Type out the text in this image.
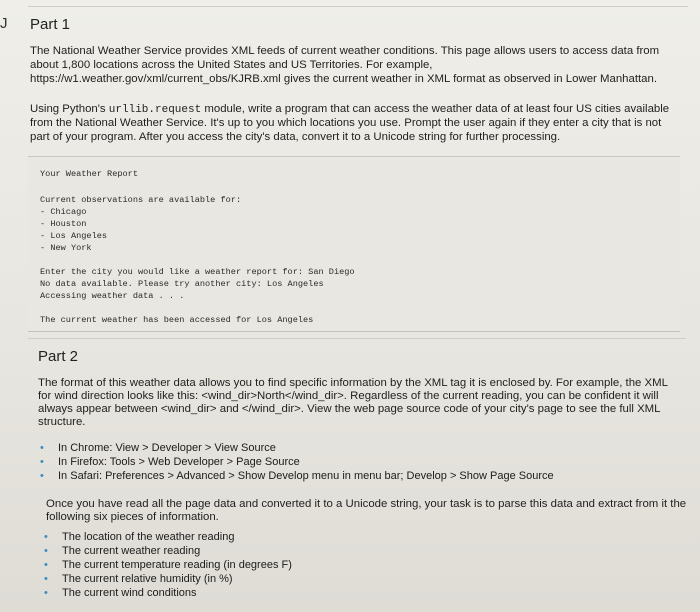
J Part 1

The National Weather Service provides XML feeds of current weather conditions. This page allows users to access data from

about 1,800 locations across the United States and US Territories. For example,

https://w1.weather.gov/xml/current_obs/KJRB.xml gives the current weather in XML format as observed in Lower Manhattan.

Using Python's urllib.request module, write a program that can access the weather data of at least four US cities available

from the National Weather Service. It's up to you which locations you use. Prompt the user again if they enter a city that is not

part of your program. After you access the city's data, convert it to a Unicode string for further processing.

Your Weather Report
Current observations are available for:
- Chicago
- Houston
- Los Angeles
- New York
Enter the city you would like a weather report for: San Diego
No data available. Please try another city: Los Angeles
Accessing weather data . . .
The current weather has been accessed for Los Angeles
Part 2

The format of this weather data allows you to find specific information by the XML tag it is enclosed by. For example, the XML

for wind direction looks like this: <wind_dir>North</wind_dir>. Regardless of the current reading, you can be confident it will

always appear between <wind_dir> and </wind_dir>. View the web page source code of your city's page to see the full XML

structure.

• In Chrome: View > Developer > View Source
• In Firefox: Tools > Web Developer > Page Source
• In Safari: Preferences > Advanced > Show Develop menu in menu bar; Develop > Show Page Source

Once you have read all the page data and converted it to a Unicode string, your task is to parse this data and extract from it the

following six pieces of information.

• The location of the weather reading
• The current weather reading
• The current temperature reading (in degrees F)
• The current relative humidity (in %)
• The current wind conditions
